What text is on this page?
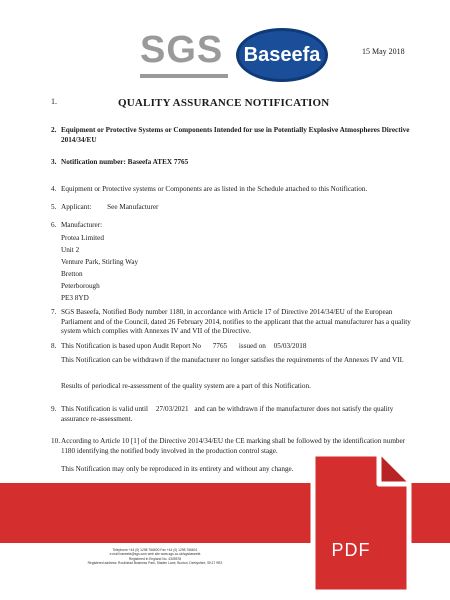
SGS Baseefa	15 May 2018
1.	QUALITY ASSURANCE NOTIFICATION
2. Equipment or Protective Systems or Components Intended for use in Potentially Explosive Atmospheres Directive 2014/34/EU
3. Notification number: Baseefa ATEX 7765
4. Equipment or Protective systems or Components are as listed in the Schedule attached to this Notification.
5. Applicant: See Manufacturer
6. Manufacturer:
Protea Limited
Unit 2
Venture Park, Stirling Way
Bretton
Peterborough
PE3 8YD
7. SGS Baseefa, Notified Body number 1180, in accordance with Article 17 of Directive 2014/34/EU of the European Parliament and of the Council, dated 26 February 2014, notifies to the applicant that the actual manufacturer has a quality system which complies with Annexes IV and VII of the Directive.
8. This Notification is based upon Audit Report No 7765 issued on 05/03/2018
This Notification can be withdrawn if the manufacturer no longer satisfies the requirements of the Annexes IV and VII.
Results of periodical re-assessment of the quality system are a part of this Notification.
9. This Notification is valid until 27/03/2021 and can be withdrawn if the manufacturer does not satisfy the quality assurance re-assessment.
10. According to Article 10 [1] of the Directive 2014/34/EU the CE marking shall be followed by the identification number 1180 identifying the notified body involved in the production control stage.
This Notification may only be reproduced in its entirety and without any change.
Telephone +44 (0) 1298 766600 Fax +44 (0) 1298 766601
e-mail baseefa@sgs.com web site www.sgs.co.uk/sgsbaseefa
Registered in England No. 4305578
Registered address: Rockhead Business Park, Staden Lane, Buxton, Derbyshire, SK17 9RZ
PDF
